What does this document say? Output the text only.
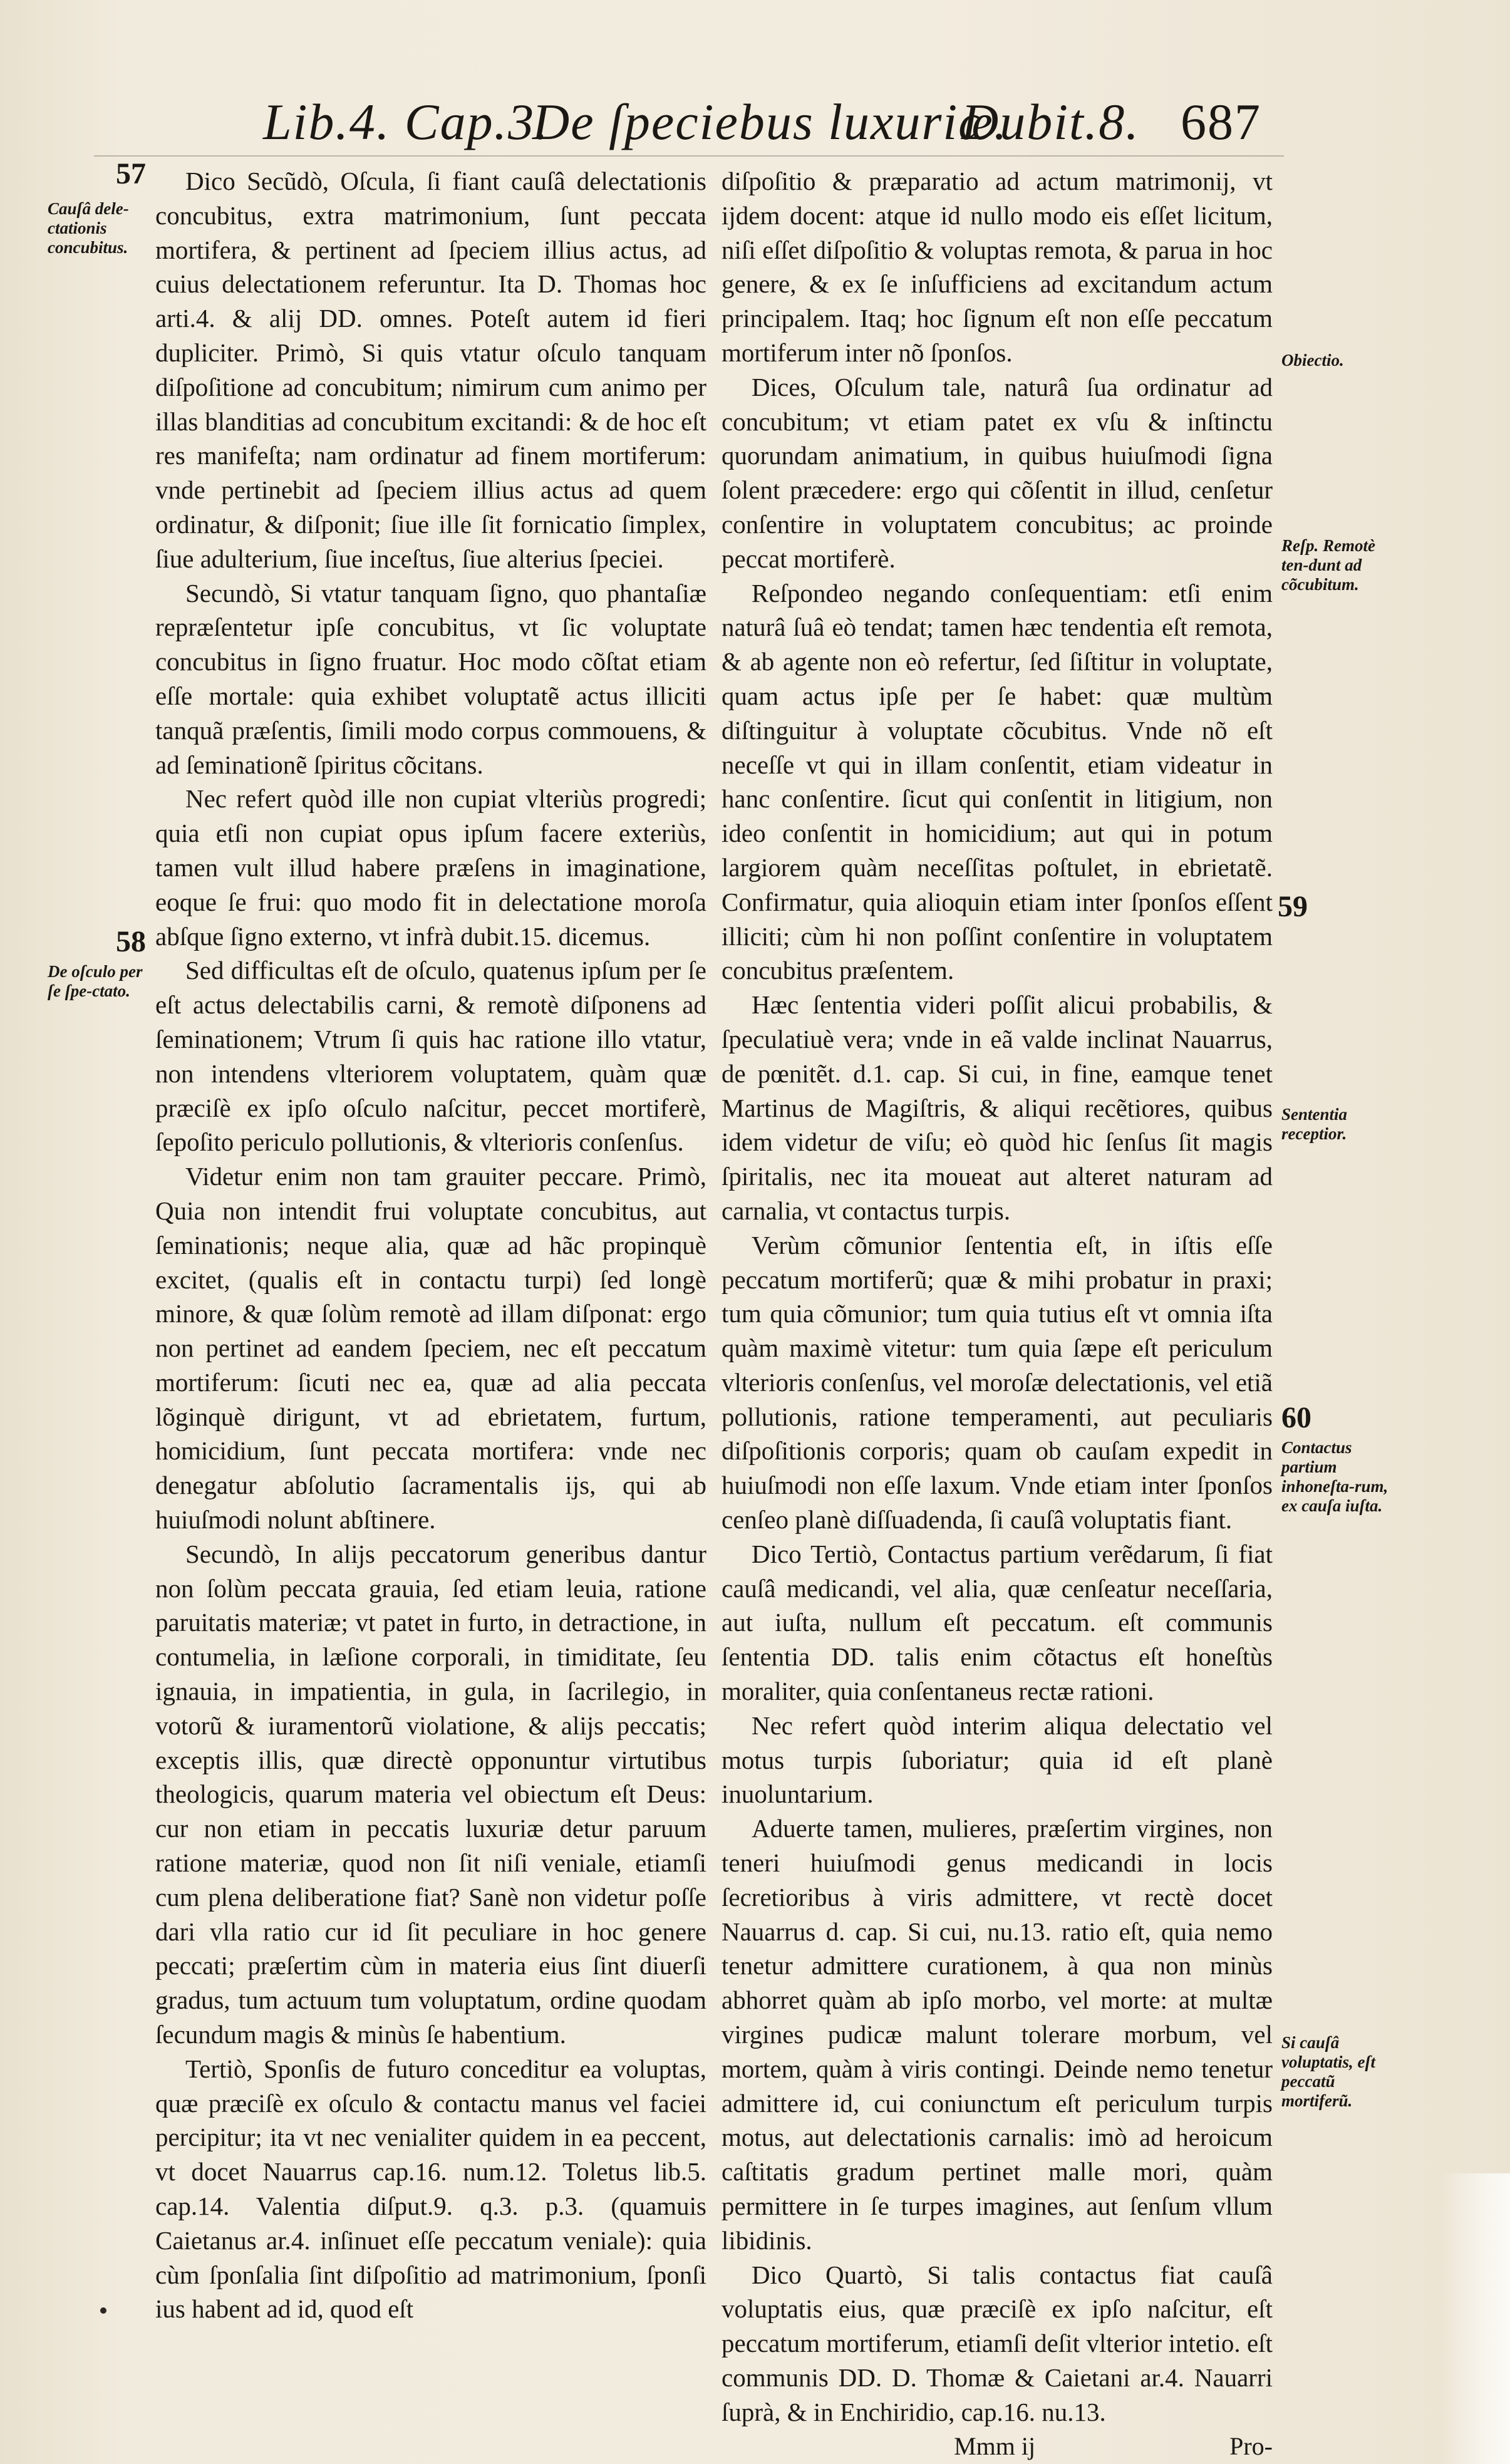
Lib.4. Cap.3.
De ſpeciebus luxuriæ.
Dubit.8. 687
57
Cauſâ dele-ctationis concubitus.
58
De oſculo per ſe ſpe-ctato.
Obiectio.
Reſp. Remotè ten-dunt ad cõcubitum.
59
Sententia receptior.
60
Contactus partium inhoneſta-rum, ex cauſa iuſta.
Si cauſâ voluptatis, eſt peccatũ mortiferũ.

Dico Secũdò, Oſcula, ſi fiant cauſâ delectationis concubitus, extra matrimonium, ſunt peccata mortifera, & pertinent ad ſpeciem illius actus, ad cuius delectationem referuntur. Ita D. Thomas hoc arti.4. & alij DD. omnes. Poteſt autem id fieri dupliciter. Primò, Si quis vtatur oſculo tanquam diſpoſitione ad concubitum; nimirum cum animo per illas blanditias ad concubitum excitandi: & de hoc eſt res manifeſta; nam ordinatur ad finem mortiferum: vnde pertinebit ad ſpeciem illius actus ad quem ordinatur, & diſponit; ſiue ille ſit fornicatio ſimplex, ſiue adulterium, ſiue inceſtus, ſiue alterius ſpeciei.

Secundò, Si vtatur tanquam ſigno, quo phantaſiæ repræſentetur ipſe concubitus, vt ſic voluptate concubitus in ſigno fruatur. Hoc modo cõſtat etiam eſſe mortale: quia exhibet voluptatẽ actus illiciti tanquã præſentis, ſimili modo corpus commouens, & ad ſeminationẽ ſpiritus cõcitans.

Nec refert quòd ille non cupiat vlteriùs progredi; quia etſi non cupiat opus ipſum facere exteriùs, tamen vult illud habere præſens in imaginatione, eoque ſe frui: quo modo fit in delectatione moroſa abſque ſigno externo, vt infrà dubit.15. dicemus.

Sed difficultas eſt de oſculo, quatenus ipſum per ſe eſt actus delectabilis carni, & remotè diſponens ad ſeminationem; Vtrum ſi quis hac ratione illo vtatur, non intendens vlteriorem voluptatem, quàm quæ præciſè ex ipſo oſculo naſcitur, peccet mortiferè, ſepoſito periculo pollutionis, & vlterioris conſenſus.

Videtur enim non tam grauiter peccare. Primò, Quia non intendit frui voluptate concubitus, aut ſeminationis; neque alia, quæ ad hãc propinquè excitet, (qualis eſt in contactu turpi) ſed longè minore, & quæ ſolùm remotè ad illam diſponat: ergo non pertinet ad eandem ſpeciem, nec eſt peccatum mortiferum: ſicuti nec ea, quæ ad alia peccata lõginquè dirigunt, vt ad ebrietatem, furtum, homicidium, ſunt peccata mortifera: vnde nec denegatur abſolutio ſacramentalis ijs, qui ab huiuſmodi nolunt abſtinere.

Secundò, In alijs peccatorum generibus dantur non ſolùm peccata grauia, ſed etiam leuia, ratione paruitatis materiæ; vt patet in furto, in detractione, in contumelia, in læſione corporali, in timiditate, ſeu ignauia, in impatientia, in gula, in ſacrilegio, in votorũ & iuramentorũ violatione, & alijs peccatis; exceptis illis, quæ directè opponuntur virtutibus theologicis, quarum materia vel obiectum eſt Deus: cur non etiam in peccatis luxuriæ detur paruum ratione materiæ, quod non ſit niſi veniale, etiamſi cum plena deliberatione fiat? Sanè non videtur poſſe dari vlla ratio cur id ſit peculiare in hoc genere peccati; præſertim cùm in materia eius ſint diuerſi gradus, tum actuum tum voluptatum, ordine quodam ſecundum magis & minùs ſe habentium.

Tertiò, Sponſis de futuro conceditur ea voluptas, quæ præciſè ex oſculo & contactu manus vel faciei percipitur; ita vt nec venialiter quidem in ea peccent, vt docet Nauarrus cap.16. num.12. Toletus lib.5. cap.14. Valentia diſput.9. q.3. p.3. (quamuis Caietanus ar.4. inſinuet eſſe peccatum veniale): quia cùm ſponſalia ſint diſpoſitio ad matrimonium, ſponſi ius habent ad id, quod eſt

diſpoſitio & præparatio ad actum matrimonij, vt ijdem docent: atque id nullo modo eis eſſet licitum, niſi eſſet diſpoſitio & voluptas remota, & parua in hoc genere, & ex ſe inſufficiens ad excitandum actum principalem. Itaq; hoc ſignum eſt non eſſe peccatum mortiferum inter nõ ſponſos.

Dices, Oſculum tale, naturâ ſua ordinatur ad concubitum; vt etiam patet ex vſu & inſtinctu quorundam animatium, in quibus huiuſmodi ſigna ſolent præcedere: ergo qui cõſentit in illud, cenſetur conſentire in voluptatem concubitus; ac proinde peccat mortiferè.

Reſpondeo negando conſequentiam: etſi enim naturâ ſuâ eò tendat; tamen hæc tendentia eſt remota, & ab agente non eò refertur, ſed ſiſtitur in voluptate, quam actus ipſe per ſe habet: quæ multùm diſtinguitur à voluptate cõcubitus. Vnde nõ eſt neceſſe vt qui in illam conſentit, etiam videatur in hanc conſentire. ſicut qui conſentit in litigium, non ideo conſentit in homicidium; aut qui in potum largiorem quàm neceſſitas poſtulet, in ebrietatẽ. Confirmatur, quia alioquin etiam inter ſponſos eſſent illiciti; cùm hi non poſſint conſentire in voluptatem concubitus præſentem.

Hæc ſententia videri poſſit alicui probabilis, & ſpeculatiuè vera; vnde in eã valde inclinat Nauarrus, de pœnitẽt. d.1. cap. Si cui, in fine, eamque tenet Martinus de Magiſtris, & aliqui recẽtiores, quibus idem videtur de viſu; eò quòd hic ſenſus ſit magis ſpiritalis, nec ita moueat aut alteret naturam ad carnalia, vt contactus turpis.

Verùm cõmunior ſententia eſt, in iſtis eſſe peccatum mortiferũ; quæ & mihi probatur in praxi; tum quia cõmunior; tum quia tutius eſt vt omnia iſta quàm maximè vitetur: tum quia ſæpe eſt periculum vlterioris conſenſus, vel moroſæ delectationis, vel etiã pollutionis, ratione temperamenti, aut peculiaris diſpoſitionis corporis; quam ob cauſam expedit in huiuſmodi non eſſe laxum. Vnde etiam inter ſponſos cenſeo planè diſſuadenda, ſi cauſâ voluptatis fiant.

Dico Tertiò, Contactus partium verẽdarum, ſi fiat cauſâ medicandi, vel alia, quæ cenſeatur neceſſaria, aut iuſta, nullum eſt peccatum. eſt communis ſententia DD. talis enim cõtactus eſt honeſtùs moraliter, quia conſentaneus rectæ rationi.

Nec refert quòd interim aliqua delectatio vel motus turpis ſuboriatur; quia id eſt planè inuoluntarium.

Aduerte tamen, mulieres, præſertim virgines, non teneri huiuſmodi genus medicandi in locis ſecretioribus à viris admittere, vt rectè docet Nauarrus d. cap. Si cui, nu.13. ratio eſt, quia nemo tenetur admittere curationem, à qua non minùs abhorret quàm ab ipſo morbo, vel morte: at multæ virgines pudicæ malunt tolerare morbum, vel mortem, quàm à viris contingi. Deinde nemo tenetur admittere id, cui coniunctum eſt periculum turpis motus, aut delectationis carnalis: imò ad heroicum caſtitatis gradum pertinet malle mori, quàm permittere in ſe turpes imagines, aut ſenſum vllum libidinis.

Dico Quartò, Si talis contactus fiat cauſâ voluptatis eius, quæ præciſè ex ipſo naſcitur, eſt peccatum mortiferum, etiamſi deſit vlterior intetio. eſt communis DD. D. Thomæ & Caietani ar.4. Nauarri ſuprà, & in Enchiridio, cap.16. nu.13.

Mmm ij	Pro-
